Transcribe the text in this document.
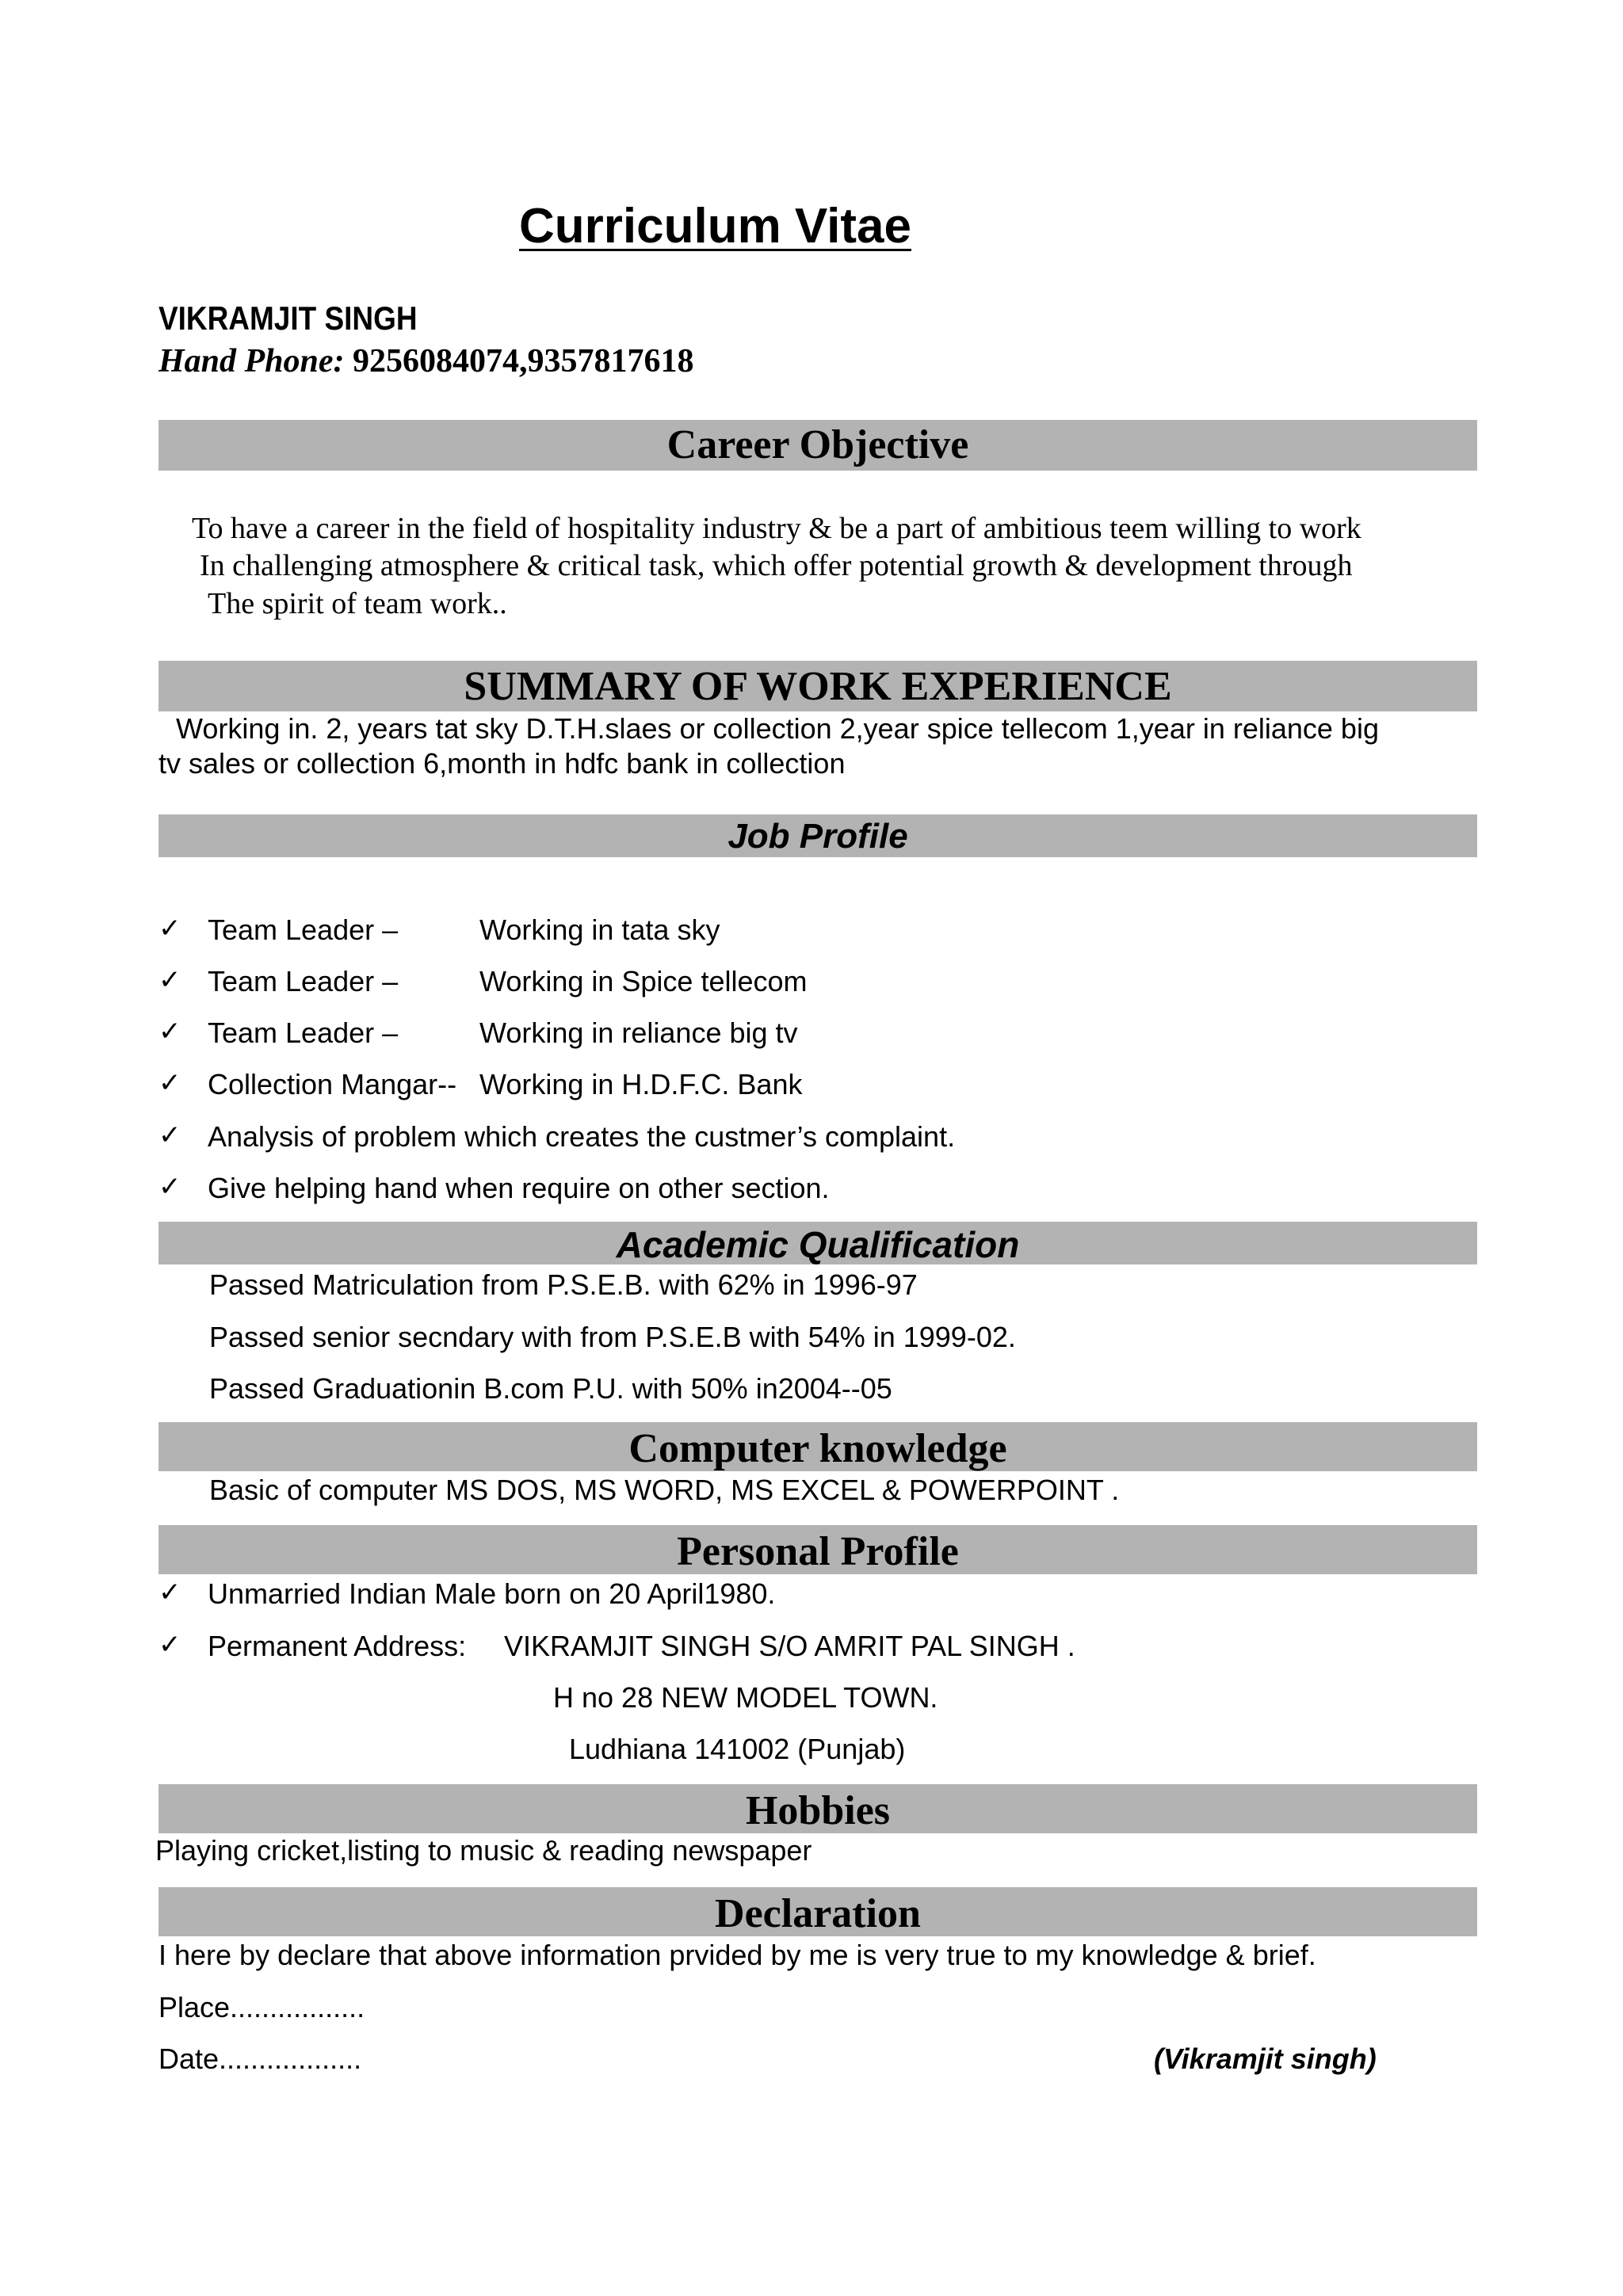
Curriculum Vitae
VIKRAMJIT SINGH
Hand Phone: 9256084074,9357817618
Career Objective
To have a career in the field of hospitality industry & be a part of ambitious teem willing to work
In challenging atmosphere & critical task, which offer potential growth & development through
The spirit of team work..
SUMMARY OF WORK EXPERIENCE
Working in. 2, years tat sky D.T.H.slaes or collection 2,year spice tellecom 1,year in reliance big
tv sales or collection 6,month in hdfc bank in collection
Job Profile
✓ Team Leader –	Working in tata sky
✓ Team Leader –	Working in Spice tellecom
✓ Team Leader –	Working in reliance big tv
✓ Collection Mangar-- Working in H.D.F.C. Bank
✓ Analysis of problem which creates the custmer’s complaint.
✓ Give helping hand when require on other section.
Academic Qualification
Passed Matriculation from P.S.E.B. with 62% in 1996-97
Passed senior secndary with from P.S.E.B with 54% in 1999-02.
Passed Graduationin B.com P.U. with 50% in2004--05
Computer knowledge
Basic of computer MS DOS, MS WORD, MS EXCEL & POWERPOINT .
Personal Profile
✓ Unmarried Indian Male born on 20 April1980.
✓ Permanent Address: VIKRAMJIT SINGH S/O AMRIT PAL SINGH .
H no 28 NEW MODEL TOWN.
Ludhiana 141002 (Punjab)
Hobbies
Playing cricket,listing to music & reading newspaper
Declaration
I here by declare that above information prvided by me is very true to my knowledge & brief.
Place.................
Date..................	(Vikramjit singh)
